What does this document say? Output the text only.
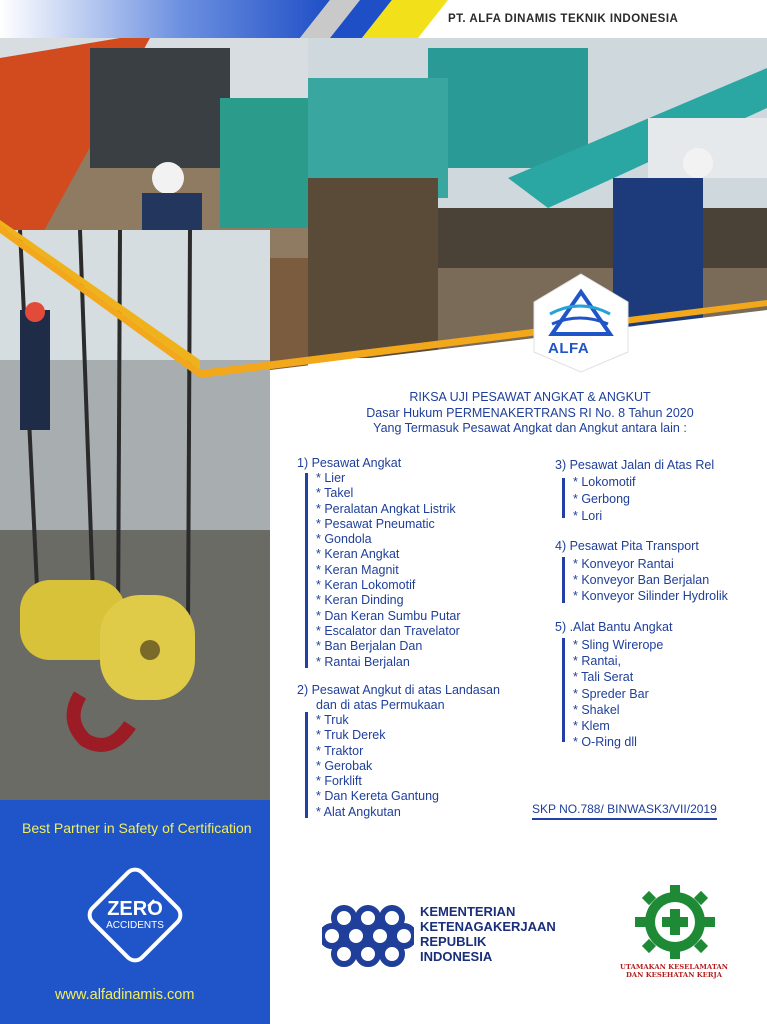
PT. ALFA DINAMIS TEKNIK INDONESIA
ALFA
RIKSA UJI PESAWAT ANGKAT & ANGKUT
Dasar Hukum PERMENAKERTRANS RI No. 8 Tahun 2020
Yang Termasuk Pesawat Angkat dan Angkut antara lain :
1) Pesawat Angkat
* Lier
* Takel
* Peralatan Angkat Listrik
* Pesawat Pneumatic
* Gondola
* Keran Angkat
* Keran Magnit
* Keran Lokomotif
* Keran Dinding
* Dan Keran Sumbu Putar
* Escalator dan Travelator
* Ban Berjalan Dan
* Rantai Berjalan
2) Pesawat Angkut di atas Landasan
dan di atas Permukaan
* Truk
* Truk Derek
* Traktor
* Gerobak
* Forklift
* Dan Kereta Gantung
* Alat Angkutan
3) Pesawat Jalan di Atas Rel
* Lokomotif
* Gerbong
* Lori
4) Pesawat Pita Transport
* Konveyor Rantai
* Konveyor Ban Berjalan
* Konveyor Silinder Hydrolik
5) .Alat Bantu Angkat
* Sling Wirerope
* Rantai,
* Tali Serat
* Spreder Bar
* Shakel
* Klem
* O-Ring dll
SKP NO.788/ BINWASK3/VII/2019
Best Partner in Safety of Certification
ZERO
ACCIDENTS
www.alfadinamis.com
KEMENTERIAN
KETENAGAKERJAAN
REPUBLIK
INDONESIA
UTAMAKAN KESELAMATAN
DAN KESEHATAN KERJA
